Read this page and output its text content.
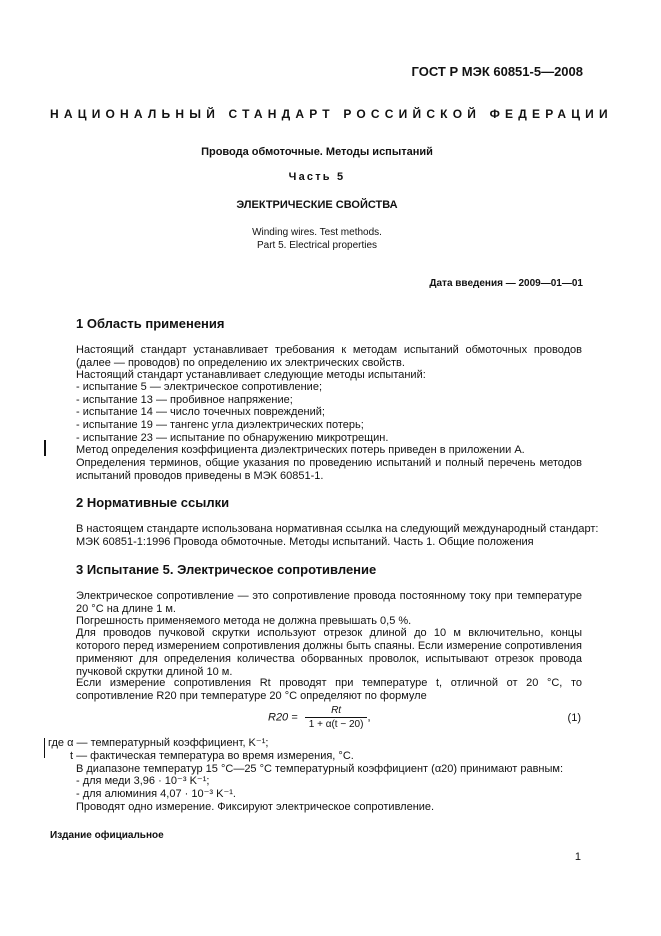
ГОСТ Р МЭК 60851-5—2008
НАЦИОНАЛЬНЫЙ СТАНДАРТ РОССИЙСКОЙ ФЕДЕРАЦИИ
Провода обмоточные. Методы испытаний
Часть 5
ЭЛЕКТРИЧЕСКИЕ СВОЙСТВА
Winding wires. Test methods.
Part 5. Electrical properties
Дата введения — 2009—01—01
1 Область применения
Настоящий стандарт устанавливает требования к методам испытаний обмоточных проводов (далее — проводов) по определению их электрических свойств.
Настоящий стандарт устанавливает следующие методы испытаний:
- испытание 5 — электрическое сопротивление;
- испытание 13 — пробивное напряжение;
- испытание 14 — число точечных повреждений;
- испытание 19 — тангенс угла диэлектрических потерь;
- испытание 23 — испытание по обнаружению микротрещин.
Метод определения коэффициента диэлектрических потерь приведен в приложении А.
Определения терминов, общие указания по проведению испытаний и полный перечень методов испытаний проводов приведены в МЭК 60851-1.
2 Нормативные ссылки
В настоящем стандарте использована нормативная ссылка на следующий международный стандарт:
МЭК 60851-1:1996 Провода обмоточные. Методы испытаний. Часть 1. Общие положения
3 Испытание 5. Электрическое сопротивление
Электрическое сопротивление — это сопротивление провода постоянному току при температуре 20 °С на длине 1 м.
Погрешность применяемого метода не должна превышать 0,5 %.
Для проводов пучковой скрутки используют отрезок длиной до 10 м включительно, концы которого перед измерением сопротивления должны быть спаяны. Если измерение сопротивления применяют для определения количества оборванных проволок, испытывают отрезок провода пучковой скрутки длиной 10 м.
Если измерение сопротивления Rt проводят при температуре t, отличной от 20 °С, то сопротивление R20 при температуре 20 °С определяют по формуле
$R20 = \frac{Rt}{1 + \alpha(t - 20)}$ ,	(1)
где α — температурный коэффициент, K⁻¹;
t — фактическая температура во время измерения, °С.
В диапазоне температур 15 °С—25 °С температурный коэффициент (α20) принимают равным:
- для меди 3,96 · 10⁻³ K⁻¹;
- для алюминия 4,07 · 10⁻³ K⁻¹.
Проводят одно измерение. Фиксируют электрическое сопротивление.
Издание официальное
1
